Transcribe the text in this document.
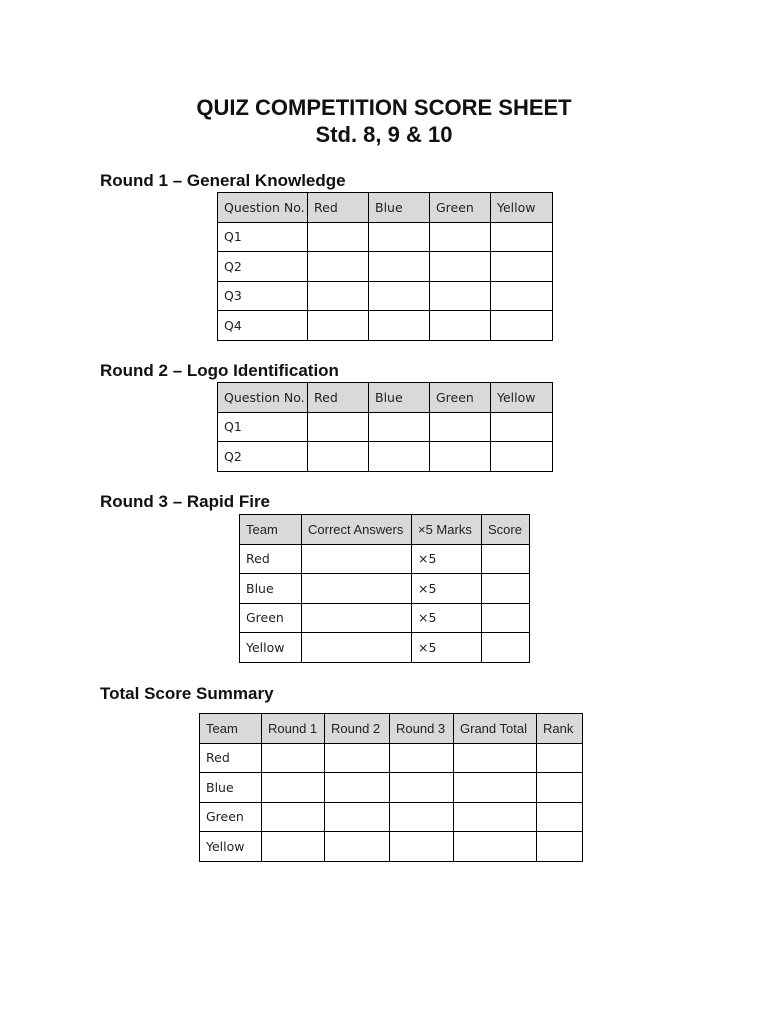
QUIZ COMPETITION SCORE SHEET
Std. 8, 9 & 10
Round 1 – General Knowledge
Question No.	Red	Blue	Green	Yellow
Q1				
Q2				
Q3				
Q4				
Round 2 – Logo Identification
Question No.	Red	Blue	Green	Yellow
Q1				
Q2				
Round 3 – Rapid Fire
Team	Correct Answers	×5 Marks	Score
Red		×5	
Blue		×5	
Green		×5	
Yellow		×5	
Total Score Summary
Team	Round 1	Round 2	Round 3	Grand Total	Rank
Red					
Blue					
Green					
Yellow					
